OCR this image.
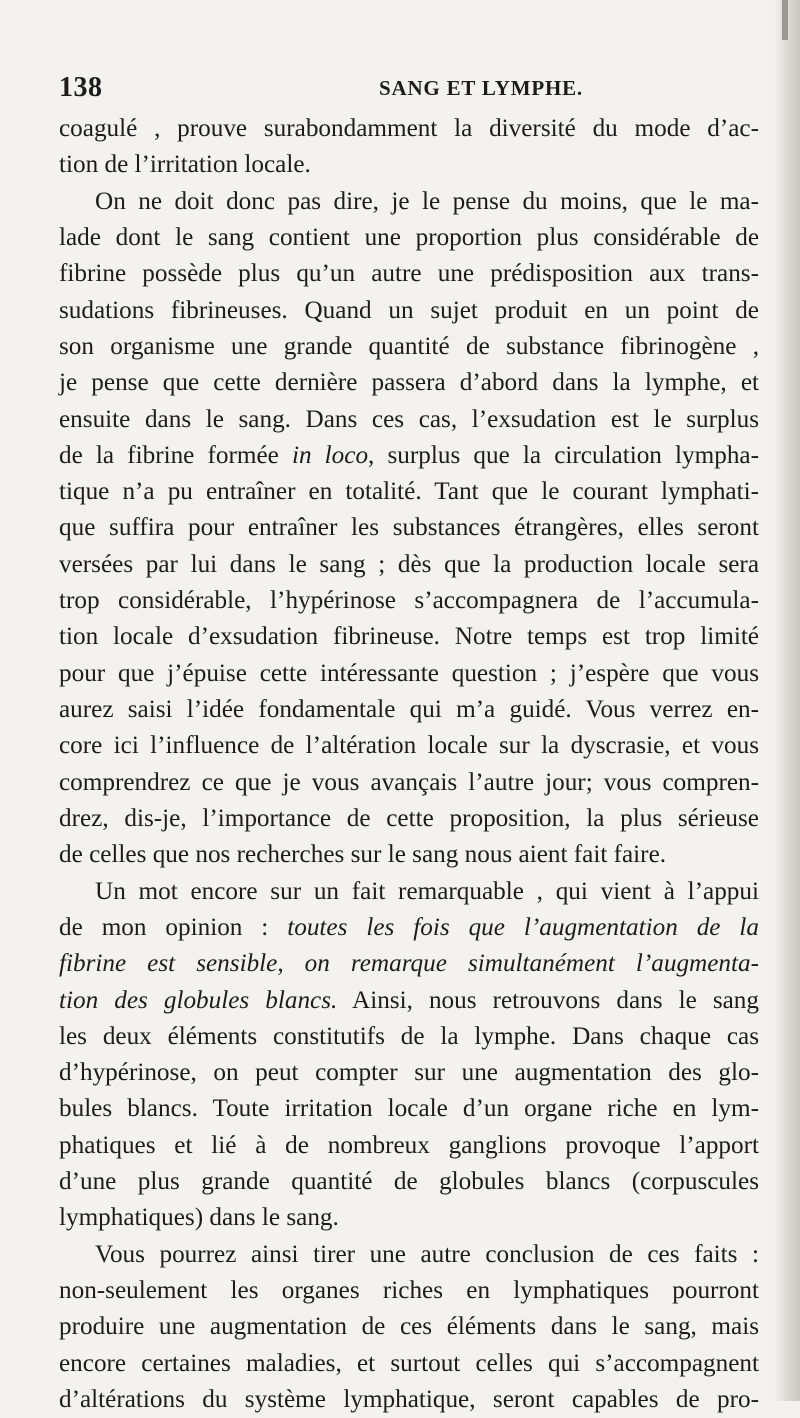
138	SANG ET LYMPHE.
coagulé , prouve surabondamment la diversité du mode d’ac-
tion de l’irritation locale.
On ne doit donc pas dire, je le pense du moins, que le ma-
lade dont le sang contient une proportion plus considérable de
fibrine possède plus qu’un autre une prédisposition aux trans-
sudations fibrineuses. Quand un sujet produit en un point de
son organisme une grande quantité de substance fibrinogène ,
je pense que cette dernière passera d’abord dans la lymphe, et
ensuite dans le sang. Dans ces cas, l’exsudation est le surplus
de la fibrine formée in loco, surplus que la circulation lympha-
tique n’a pu entraîner en totalité. Tant que le courant lymphati-
que suffira pour entraîner les substances étrangères, elles seront
versées par lui dans le sang ; dès que la production locale sera
trop considérable, l’hypérinose s’accompagnera de l’accumula-
tion locale d’exsudation fibrineuse. Notre temps est trop limité
pour que j’épuise cette intéressante question ; j’espère que vous
aurez saisi l’idée fondamentale qui m’a guidé. Vous verrez en-
core ici l’influence de l’altération locale sur la dyscrasie, et vous
comprendrez ce que je vous avançais l’autre jour; vous compren-
drez, dis-je, l’importance de cette proposition, la plus sérieuse
de celles que nos recherches sur le sang nous aient fait faire.
Un mot encore sur un fait remarquable , qui vient à l’appui
de mon opinion : toutes les fois que l’augmentation de la
fibrine est sensible, on remarque simultanément l’augmenta-
tion des globules blancs. Ainsi, nous retrouvons dans le sang
les deux éléments constitutifs de la lymphe. Dans chaque cas
d’hypérinose, on peut compter sur une augmentation des glo-
bules blancs. Toute irritation locale d’un organe riche en lym-
phatiques et lié à de nombreux ganglions provoque l’apport
d’une plus grande quantité de globules blancs (corpuscules
lymphatiques) dans le sang.
Vous pourrez ainsi tirer une autre conclusion de ces faits :
non-seulement les organes riches en lymphatiques pourront
produire une augmentation de ces éléments dans le sang, mais
encore certaines maladies, et surtout celles qui s’accompagnent
d’altérations du système lymphatique, seront capables de pro-
